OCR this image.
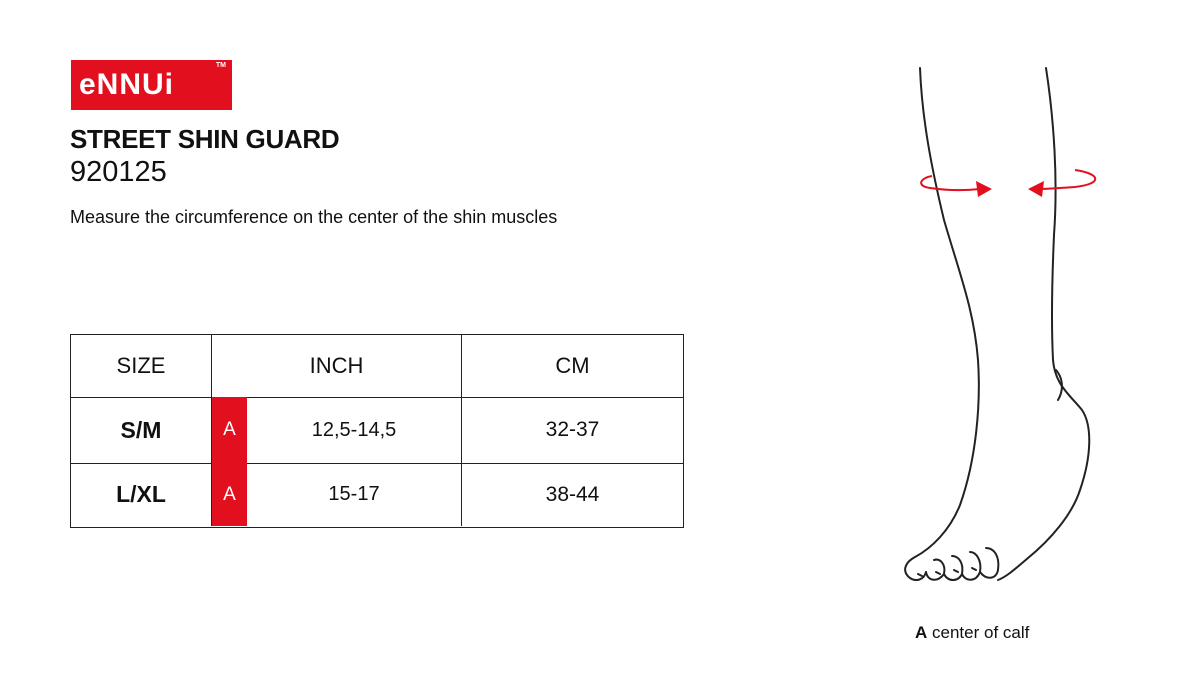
eNNUi
TM
STREET SHIN GUARD
920125
Measure the circumference on the center of the shin muscles
SIZE	INCH	CM
S/M	A	12,5-14,5	32-37
L/XL	A	15-17	38-44
A center of calf
